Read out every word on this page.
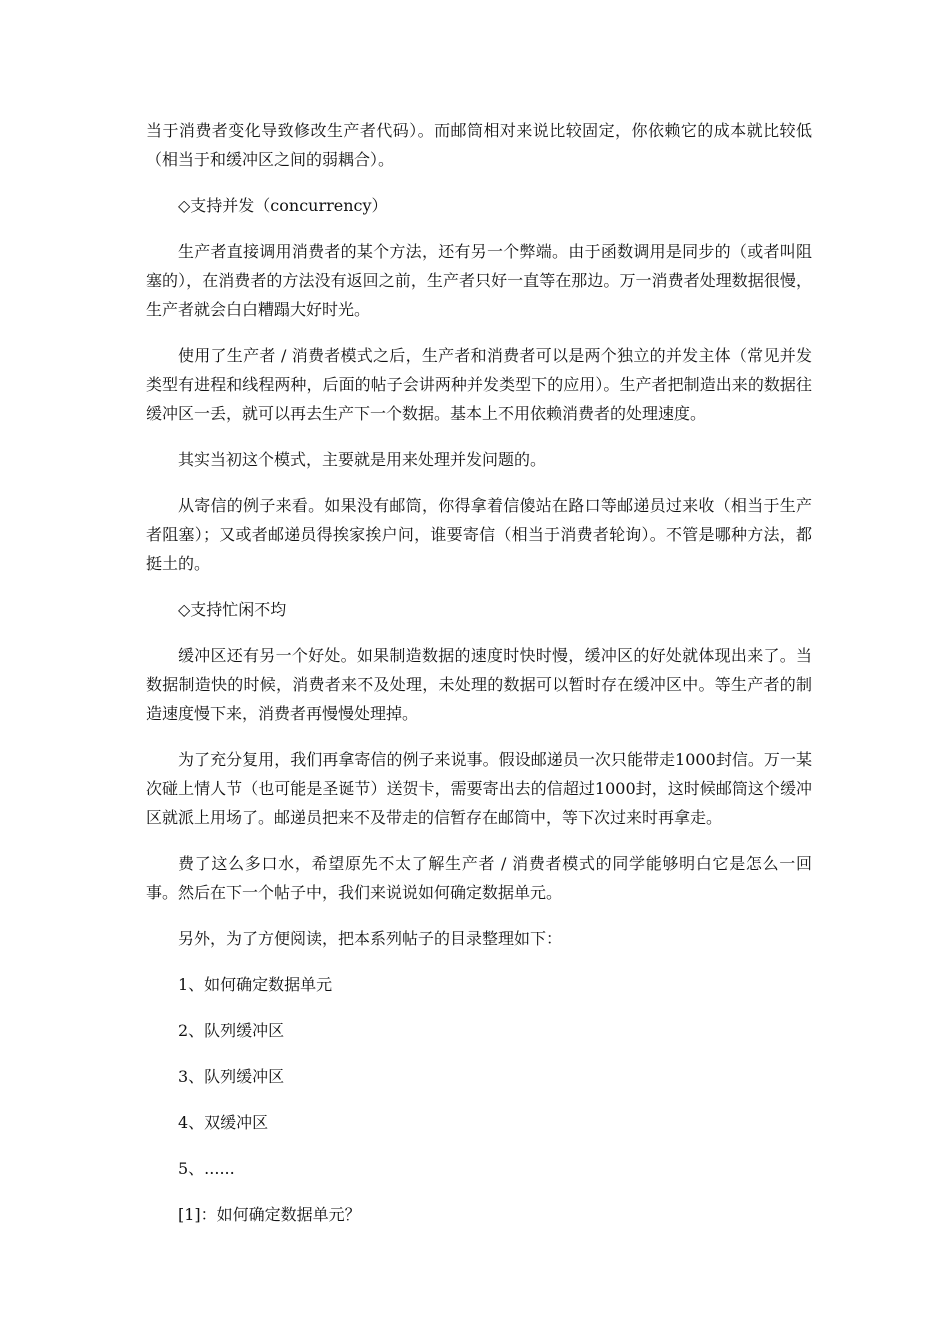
当于消费者变化导致修改生产者代码）。而邮筒相对来说比较固定，你依赖它的成本就比较低（相当于和缓冲区之间的弱耦合）。

◇支持并发（concurrency）

生产者直接调用消费者的某个方法，还有另一个弊端。由于函数调用是同步的（或者叫阻塞的），在消费者的方法没有返回之前，生产者只好一直等在那边。万一消费者处理数据很慢，生产者就会白白糟蹋大好时光。

使用了生产者 / 消费者模式之后，生产者和消费者可以是两个独立的并发主体（常见并发类型有进程和线程两种，后面的帖子会讲两种并发类型下的应用）。生产者把制造出来的数据往缓冲区一丢，就可以再去生产下一个数据。基本上不用依赖消费者的处理速度。

其实当初这个模式，主要就是用来处理并发问题的。

从寄信的例子来看。如果没有邮筒，你得拿着信傻站在路口等邮递员过来收（相当于生产者阻塞）；又或者邮递员得挨家挨户问，谁要寄信（相当于消费者轮询）。不管是哪种方法，都挺土的。

◇支持忙闲不均

缓冲区还有另一个好处。如果制造数据的速度时快时慢，缓冲区的好处就体现出来了。当数据制造快的时候，消费者来不及处理，未处理的数据可以暂时存在缓冲区中。等生产者的制造速度慢下来，消费者再慢慢处理掉。

为了充分复用，我们再拿寄信的例子来说事。假设邮递员一次只能带走1000封信。万一某次碰上情人节（也可能是圣诞节）送贺卡，需要寄出去的信超过1000封，这时候邮筒这个缓冲区就派上用场了。邮递员把来不及带走的信暂存在邮筒中，等下次过来时再拿走。

费了这么多口水，希望原先不太了解生产者 / 消费者模式的同学能够明白它是怎么一回事。然后在下一个帖子中，我们来说说如何确定数据单元。

另外，为了方便阅读，把本系列帖子的目录整理如下：

1、如何确定数据单元
2、队列缓冲区
3、队列缓冲区
4、双缓冲区
5、......
[1]：如何确定数据单元？
